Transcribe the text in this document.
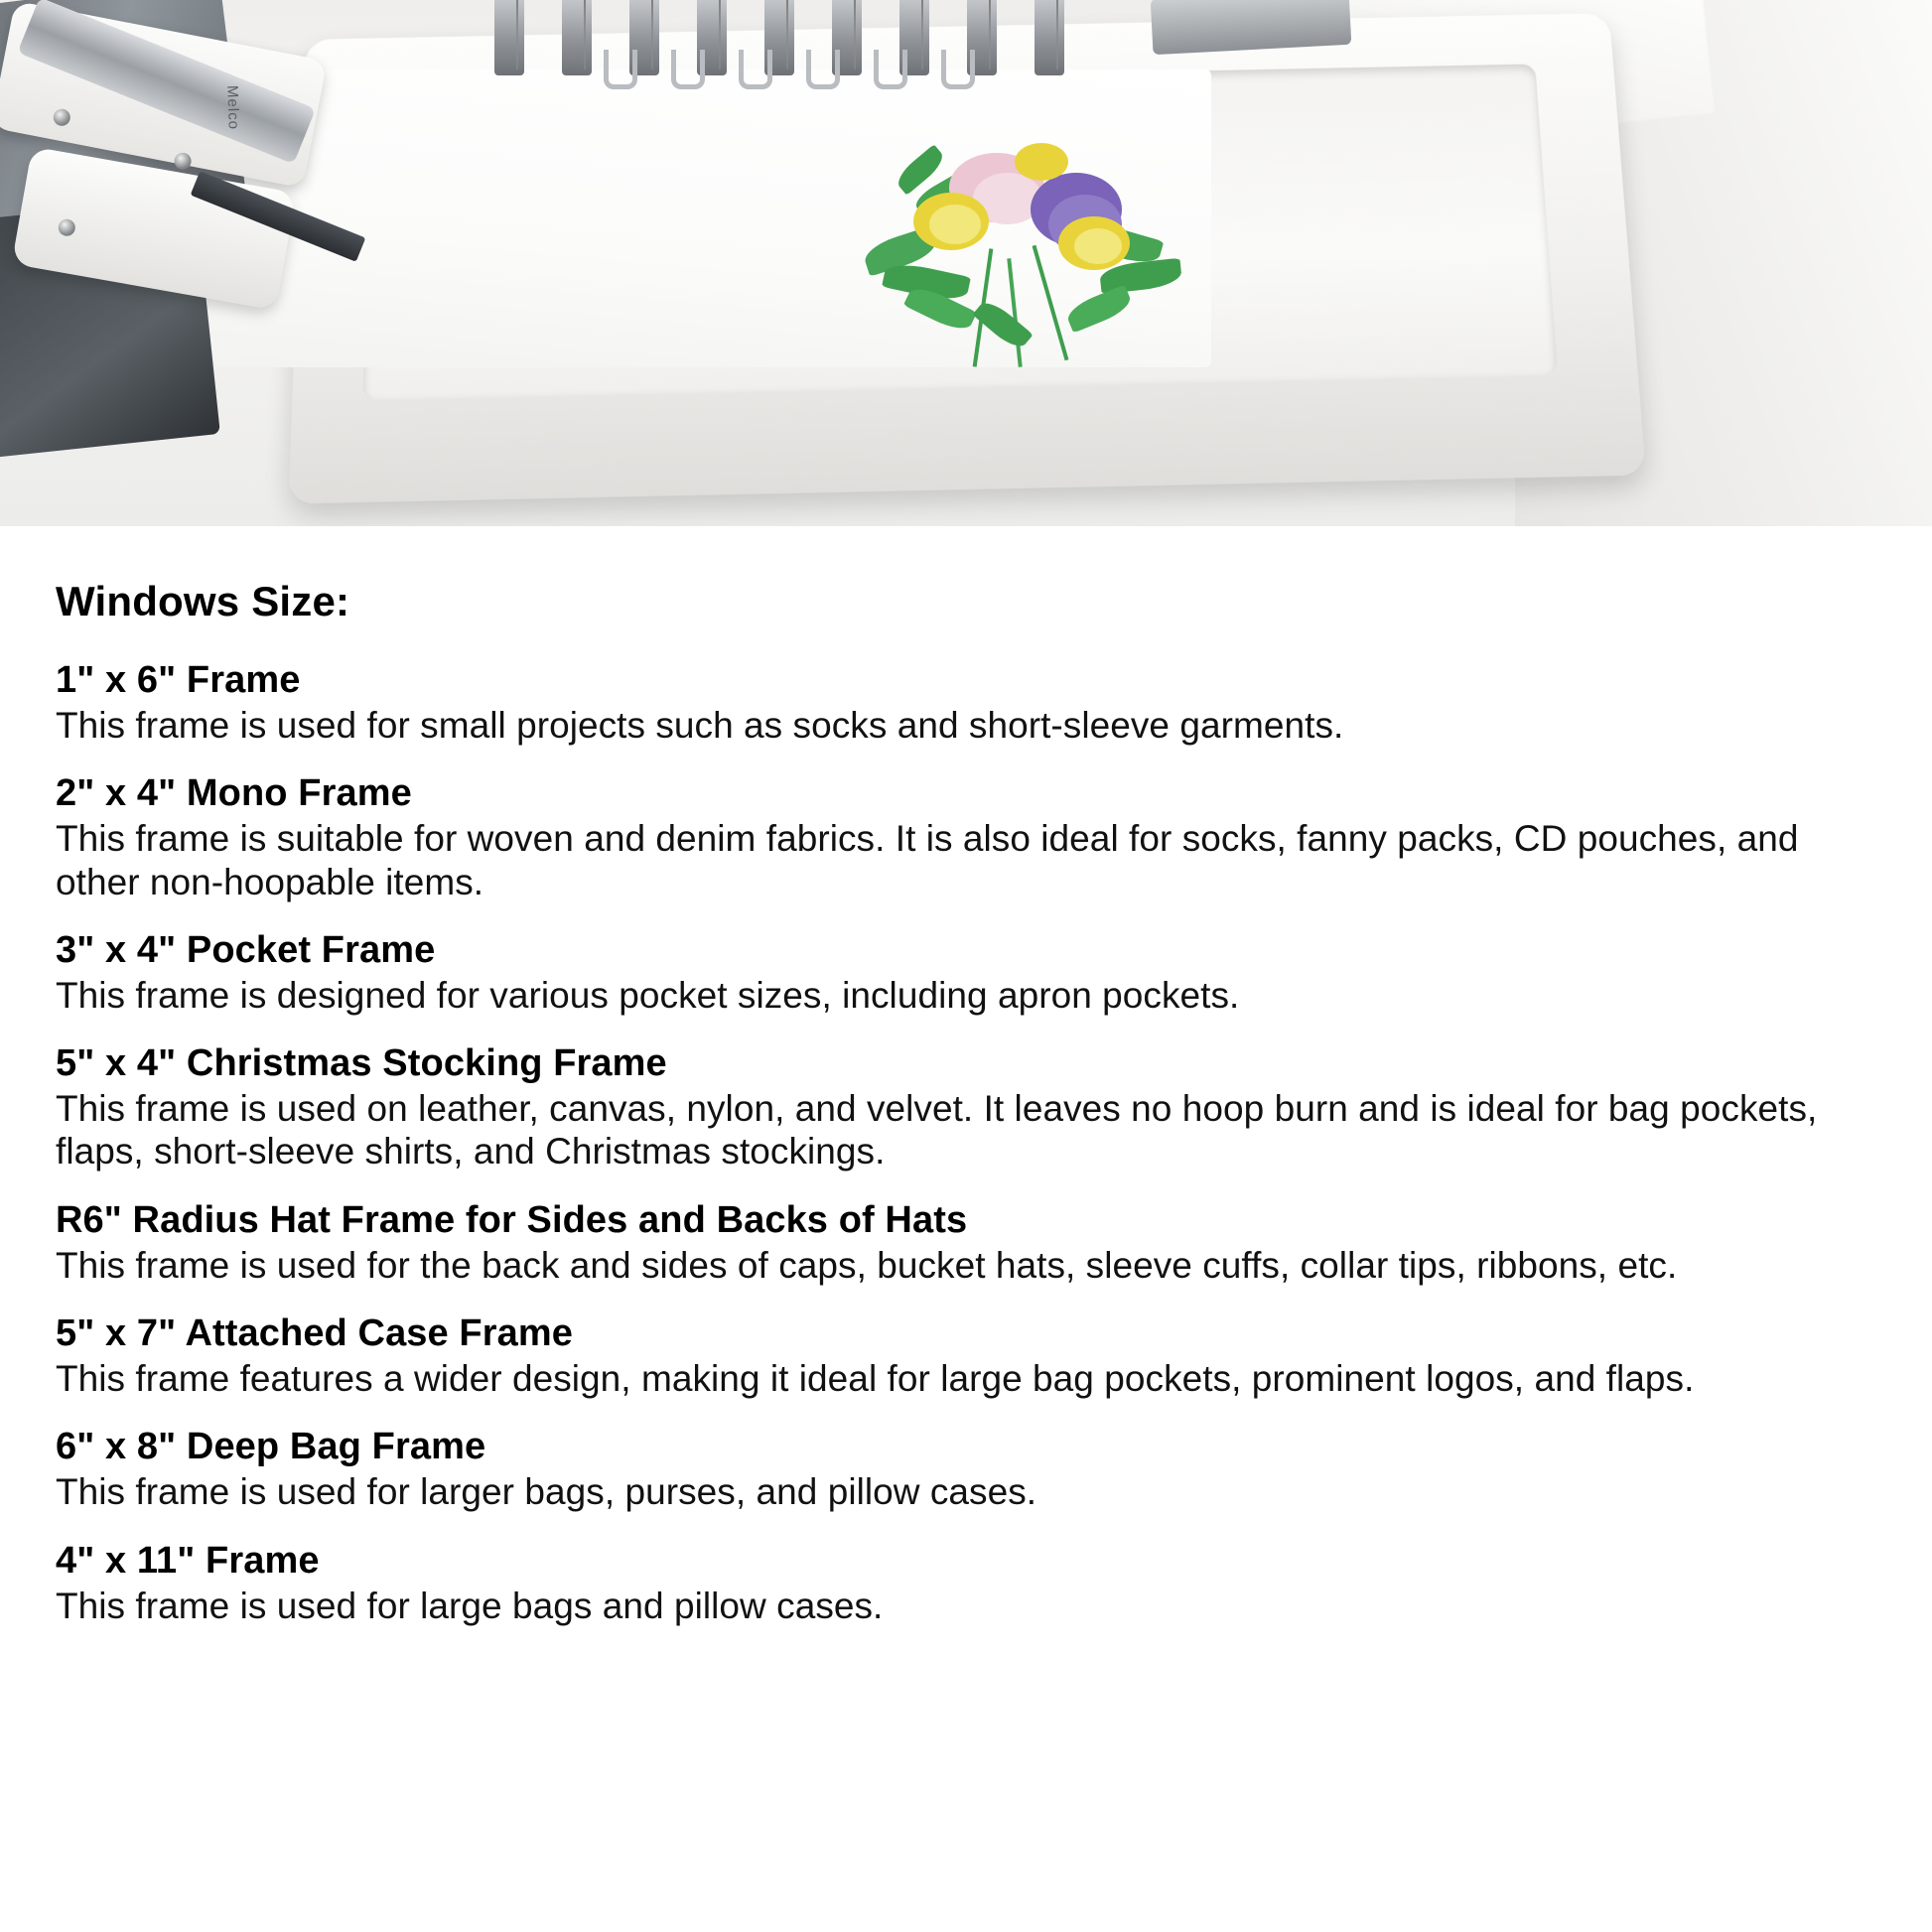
Melco
Windows Size:
1" x 6" Frame

This frame is used for small projects such as socks and short-sleeve garments.

2" x 4" Mono Frame

This frame is suitable for woven and denim fabrics. It is also ideal for socks, fanny packs, CD pouches, and other non-hoopable items.

3" x 4" Pocket Frame

This frame is designed for various pocket sizes, including apron pockets.

5" x 4" Christmas Stocking Frame

This frame is used on leather, canvas, nylon, and velvet. It leaves no hoop burn and is ideal for bag pockets, flaps, short-sleeve shirts, and Christmas stockings.

R6" Radius Hat Frame for Sides and Backs of Hats

This frame is used for the back and sides of caps, bucket hats, sleeve cuffs, collar tips, ribbons, etc.

5" x 7" Attached Case Frame

This frame features a wider design, making it ideal for large bag pockets, prominent logos, and flaps.

6" x 8" Deep Bag Frame

This frame is used for larger bags, purses, and pillow cases.

4" x 11" Frame

This frame is used for large bags and pillow cases.
